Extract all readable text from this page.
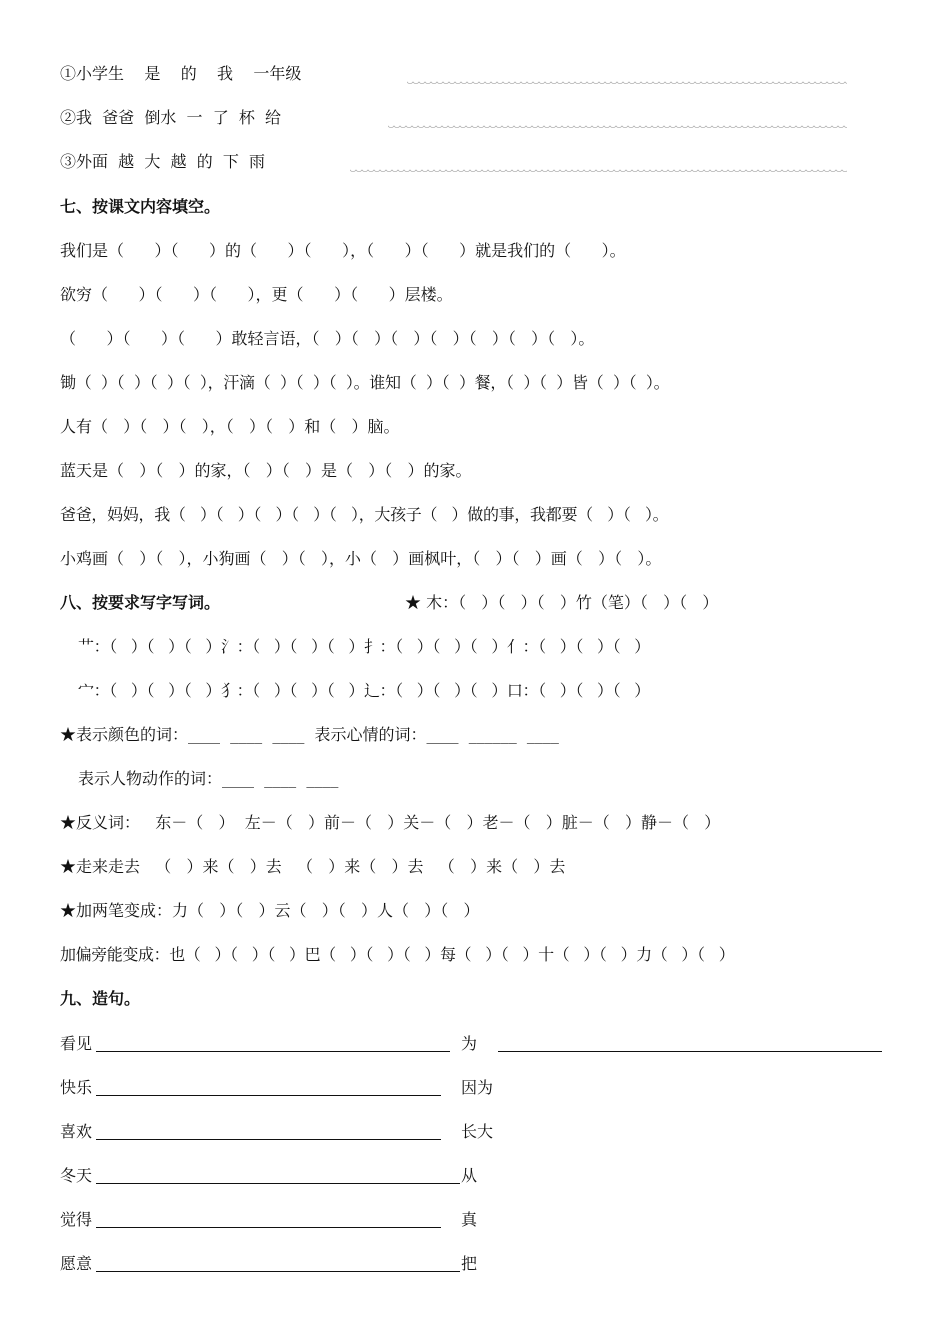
①小学生    是    的    我    一年级
②我  爸爸  倒水  一  了  杯  给
③外面  越  大  越  的  下  雨
七、按课文内容填空。
我们是（      ）（      ）的（      ）（      ），（      ）（      ）就是我们的（      ）。
欲穷（      ）（      ）（      ），更（      ）（      ）层楼。
（      ）（      ）（      ）敢轻言语，（   ）（   ）（   ）（   ）（   ）（   ）（   ）。
锄（  ）（  ）（  ）（  ），汗滴（  ）（  ）（  ）。谁知（  ）（  ）餐，（  ）（  ）皆（  ）（  ）。
人有（   ）（   ）（   ），（   ）（   ）和（   ）脑。
蓝天是（   ）（   ）的家，（   ）（   ）是（   ）（   ）的家。
爸爸，妈妈，我（   ）（   ）（   ）（   ）（   ），大孩子（   ）做的事，我都要（   ）（   ）。
小鸡画（   ）（   ），小狗画（   ）（   ），小（   ）画枫叶，（   ）（   ）画（   ）（   ）。
八、按要求写字写词。	★ 木：（   ）（   ）（   ）竹（笔）（   ）（   ）
艹：（   ）（   ）（   ）氵：（   ）（   ）（   ）扌：（   ）（   ）（   ）亻：（   ）（   ）（   ）
宀：（   ）（   ）（   ）犭：（   ）（   ）（   ）辶：（   ）（   ）（   ）口：（   ）（   ）（   ）
★表示颜色的词：____  ____  ____  表示心情的词：____  ______  ____
表示人物动作的词：____  ____  ____
★反义词：   东－（   ）  左－（   ）前－（   ）关－（   ）老－（   ）脏－（   ）静－（   ）
★走来走去   （   ）来（   ）去   （   ）来（   ）去   （   ）来（   ）去
★加两笔变成：力（   ）（   ）云（   ）（   ）人（   ）（   ）
加偏旁能变成：也（   ）（   ）（   ）巴（   ）（   ）（   ）每（   ）（   ）十（   ）（   ）力（   ）（   ）
九、造句。
看见	为
快乐	因为
喜欢	长大
冬天	从
觉得	真
愿意	把
